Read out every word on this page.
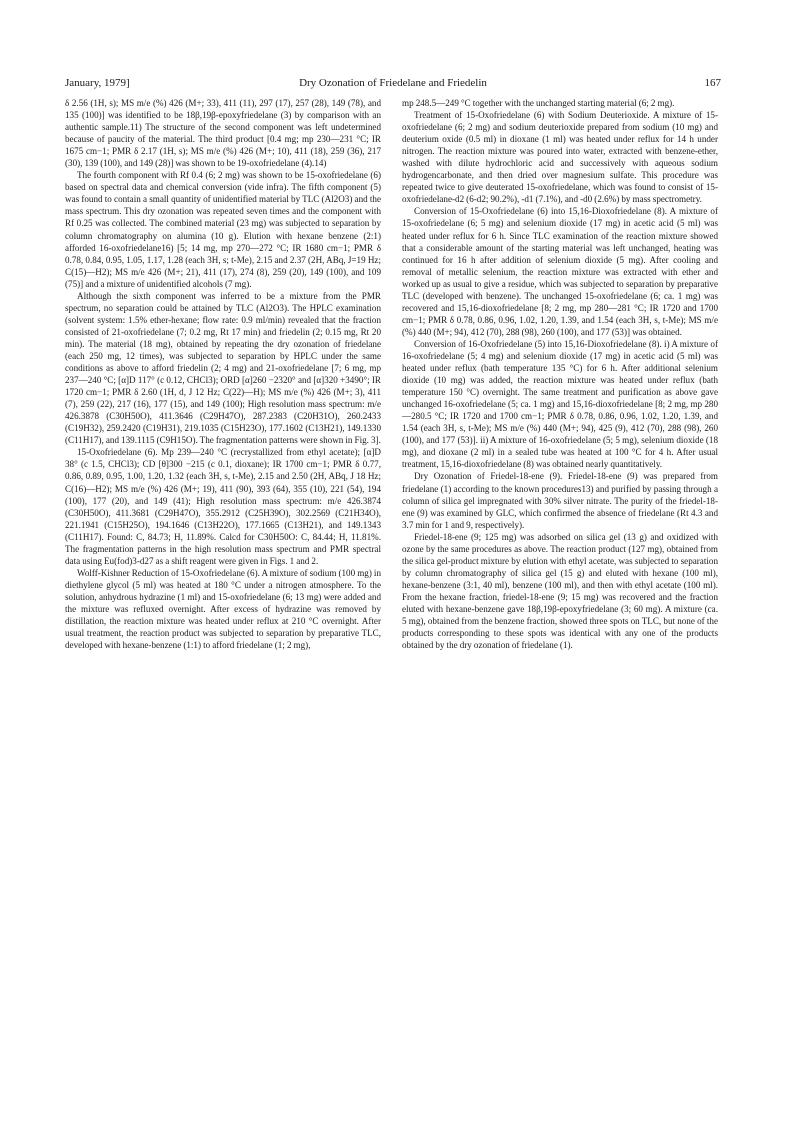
January, 1979]	Dry Ozonation of Friedelane and Friedelin	167

δ 2.56 (1H, s); MS m/e (%) 426 (M+; 33), 411 (11), 297 (17), 257 (28), 149 (78), and 135 (100)] was identified to be 18β,19β-epoxyfriedelane (3) by comparison with an authentic sample.11) The structure of the second component was left undetermined because of paucity of the material. The third product [0.4 mg; mp 230—231 °C; IR 1675 cm−1; PMR δ 2.17 (1H, s); MS m/e (%) 426 (M+; 10), 411 (18), 259 (36), 217 (30), 139 (100), and 149 (28)] was shown to be 19-oxofriedelane (4).14)

The fourth component with Rf 0.4 (6; 2 mg) was shown to be 15-oxofriedelane (6) based on spectral data and chemical conversion (vide infra). The fifth component (5) was found to contain a small quantity of unidentified material by TLC (Al2O3) and the mass spectrum. This dry ozonation was repeated seven times and the component with Rf 0.25 was collected. The combined material (23 mg) was subjected to separation by column chromatography on alumina (10 g). Elution with hexane benzene (2:1) afforded 16-oxofriedelane16) [5; 14 mg, mp 270—272 °C; IR 1680 cm−1; PMR δ 0.78, 0.84, 0.95, 1.05, 1.17, 1.28 (each 3H, s; t-Me), 2.15 and 2.37 (2H, ABq, J=19 Hz; C(15)—H2); MS m/e 426 (M+; 21), 411 (17), 274 (8), 259 (20), 149 (100), and 109 (75)] and a mixture of unidentified alcohols (7 mg).

Although the sixth component was inferred to be a mixture from the PMR spectrum, no separation could be attained by TLC (Al2O3). The HPLC examination (solvent system: 1.5% ether-hexane; flow rate: 0.9 ml/min) revealed that the fraction consisted of 21-oxofriedelane (7; 0.2 mg, Rt 17 min) and friedelin (2; 0.15 mg, Rt 20 min). The material (18 mg), obtained by repeating the dry ozonation of friedelane (each 250 mg, 12 times), was subjected to separation by HPLC under the same conditions as above to afford friedelin (2; 4 mg) and 21-oxofriedelane [7; 6 mg, mp 237—240 °C; [α]D 117° (c 0.12, CHCl3); ORD [α]260 −2320° and [α]320 +3490°; IR 1720 cm−1; PMR δ 2.60 (1H, d, J 12 Hz; C(22)—H); MS m/e (%) 426 (M+; 3), 411 (7), 259 (22), 217 (16), 177 (15), and 149 (100); High resolution mass spectrum: m/e 426.3878 (C30H50O), 411.3646 (C29H47O), 287.2383 (C20H31O), 260.2433 (C19H32), 259.2420 (C19H31), 219.1035 (C15H23O), 177.1602 (C13H21), 149.1330 (C11H17), and 139.1115 (C9H15O). The fragmentation patterns were shown in Fig. 3].

15-Oxofriedelane (6). Mp 239—240 °C (recrystallized from ethyl acetate); [α]D 38° (c 1.5, CHCl3); CD [θ]300 −215 (c 0.1, dioxane); IR 1700 cm−1; PMR δ 0.77, 0.86, 0.89, 0.95, 1.00, 1.20, 1.32 (each 3H, s, t-Me), 2.15 and 2.50 (2H, ABq, J 18 Hz; C(16)—H2); MS m/e (%) 426 (M+; 19), 411 (90), 393 (64), 355 (10), 221 (54), 194 (100), 177 (20), and 149 (41); High resolution mass spectrum: m/e 426.3874 (C30H50O), 411.3681 (C29H47O), 355.2912 (C25H39O), 302.2569 (C21H34O), 221.1941 (C15H25O), 194.1646 (C13H22O), 177.1665 (C13H21), and 149.1343 (C11H17). Found: C, 84.73; H, 11.89%. Calcd for C30H50O: C, 84.44; H, 11.81%. The fragmentation patterns in the high resolution mass spectrum and PMR spectral data using Eu(fod)3-d27 as a shift reagent were given in Figs. 1 and 2.

Wolff-Kishner Reduction of 15-Oxofriedelane (6). A mixture of sodium (100 mg) in diethylene glycol (5 ml) was heated at 180 °C under a nitrogen atmosphere. To the solution, anhydrous hydrazine (1 ml) and 15-oxofriedelane (6; 13 mg) were added and the mixture was refluxed overnight. After excess of hydrazine was removed by distillation, the reaction mixture was heated under reflux at 210 °C overnight. After usual treatment, the reaction product was subjected to separation by preparative TLC, developed with hexane-benzene (1:1) to afford friedelane (1; 2 mg),

mp 248.5—249 °C together with the unchanged starting material (6; 2 mg).

Treatment of 15-Oxofriedelane (6) with Sodium Deuterioxide. A mixture of 15-oxofriedelane (6; 2 mg) and sodium deuterioxide prepared from sodium (10 mg) and deuterium oxide (0.5 ml) in dioxane (1 ml) was heated under reflux for 14 h under nitrogen. The reaction mixture was poured into water, extracted with benzene-ether, washed with dilute hydrochloric acid and successively with aqueous sodium hydrogencarbonate, and then dried over magnesium sulfate. This procedure was repeated twice to give deuterated 15-oxofriedelane, which was found to consist of 15-oxofriedelane-d2 (6-d2; 90.2%), -d1 (7.1%), and -d0 (2.6%) by mass spectrometry.

Conversion of 15-Oxofriedelane (6) into 15,16-Dioxofriedelane (8). A mixture of 15-oxofriedelane (6; 5 mg) and selenium dioxide (17 mg) in acetic acid (5 ml) was heated under reflux for 6 h. Since TLC examination of the reaction mixture showed that a considerable amount of the starting material was left unchanged, heating was continued for 16 h after addition of selenium dioxide (5 mg). After cooling and removal of metallic selenium, the reaction mixture was extracted with ether and worked up as usual to give a residue, which was subjected to separation by preparative TLC (developed with benzene). The unchanged 15-oxofriedelane (6; ca. 1 mg) was recovered and 15,16-dioxofriedelane [8; 2 mg, mp 280—281 °C; IR 1720 and 1700 cm−1; PMR δ 0.78, 0.86, 0.96, 1.02, 1.20, 1.39, and 1.54 (each 3H, s, t-Me); MS m/e (%) 440 (M+; 94), 412 (70), 288 (98), 260 (100), and 177 (53)] was obtained.

Conversion of 16-Oxofriedelane (5) into 15,16-Dioxofriedelane (8). i) A mixture of 16-oxofriedelane (5; 4 mg) and selenium dioxide (17 mg) in acetic acid (5 ml) was heated under reflux (bath temperature 135 °C) for 6 h. After additional selenium dioxide (10 mg) was added, the reaction mixture was heated under reflux (bath temperature 150 °C) overnight. The same treatment and purification as above gave unchanged 16-oxofriedelane (5; ca. 1 mg) and 15,16-dioxofriedelane [8; 2 mg, mp 280—280.5 °C; IR 1720 and 1700 cm−1; PMR δ 0.78, 0.86, 0.96, 1.02, 1.20, 1.39, and 1.54 (each 3H, s, t-Me); MS m/e (%) 440 (M+; 94), 425 (9), 412 (70), 288 (98), 260 (100), and 177 (53)]. ii) A mixture of 16-oxofriedelane (5; 5 mg), selenium dioxide (18 mg), and dioxane (2 ml) in a sealed tube was heated at 100 °C for 4 h. After usual treatment, 15,16-dioxofriedelane (8) was obtained nearly quantitatively.

Dry Ozonation of Friedel-18-ene (9). Friedel-18-ene (9) was prepared from friedelane (1) according to the known procedures13) and purified by passing through a column of silica gel impregnated with 30% silver nitrate. The purity of the friedel-18-ene (9) was examined by GLC, which confirmed the absence of friedelane (Rt 4.3 and 3.7 min for 1 and 9, respectively).

Friedel-18-ene (9; 125 mg) was adsorbed on silica gel (13 g) and oxidized with ozone by the same procedures as above. The reaction product (127 mg), obtained from the silica gel-product mixture by elution with ethyl acetate, was subjected to separation by column chromatography of silica gel (15 g) and eluted with hexane (100 ml), hexane-benzene (3:1, 40 ml), benzene (100 ml), and then with ethyl acetate (100 ml). From the hexane fraction, friedel-18-ene (9; 15 mg) was recovered and the fraction eluted with hexane-benzene gave 18β,19β-epoxyfriedelane (3; 60 mg). A mixture (ca. 5 mg), obtained from the benzene fraction, showed three spots on TLC, but none of the products corresponding to these spots was identical with any one of the products obtained by the dry ozonation of friedelane (1).
